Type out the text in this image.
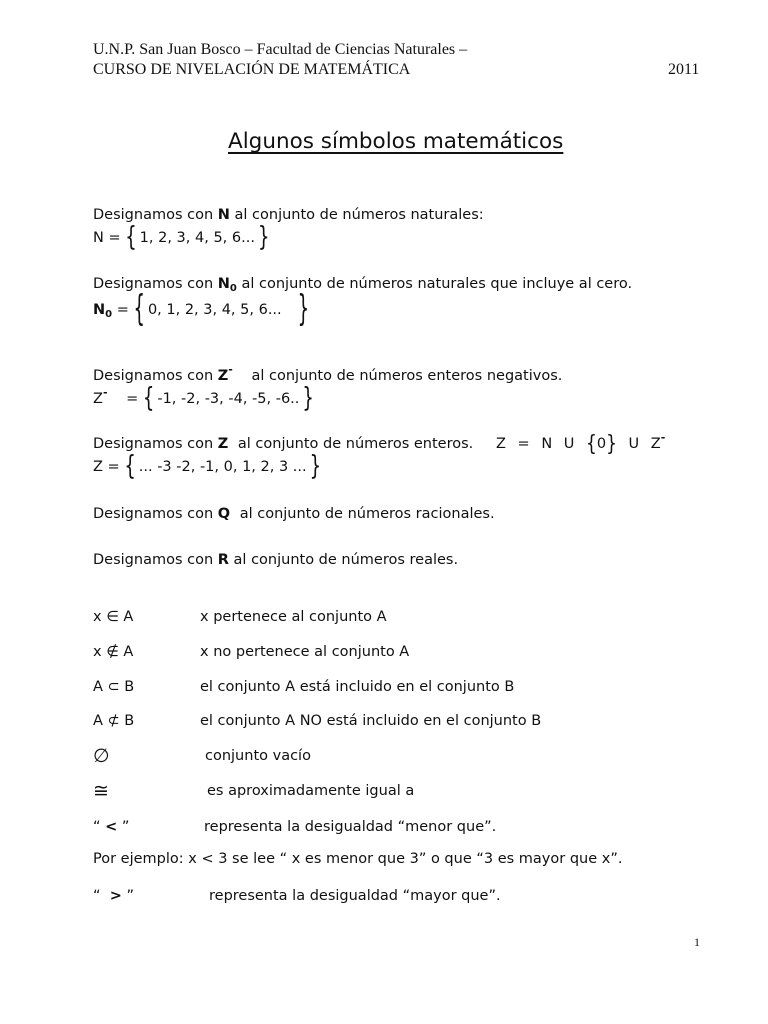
U.N.P. San Juan Bosco – Facultad de Ciencias Naturales –
CURSO DE NIVELACIÓN DE MATEMÁTICA	2011
Algunos símbolos matemáticos
Designamos con N al conjunto de números naturales:
N = { 1, 2, 3, 4, 5, 6... }
Designamos con $N_0$ al conjunto de números naturales que incluye al cero.
$N_0$ = { 0, 1, 2, 3, 4, 5, 6... }
Designamos con Z- al conjunto de números enteros negativos.
Z- = { -1, -2, -3, -4, -5, -6.. }
Designamos con Z al conjunto de números enteros. Z = N U {0} U Z-
Z = { ... -3 -2, -1, 0, 1, 2, 3 ... }
Designamos con Q al conjunto de números racionales.
Designamos con R al conjunto de números reales.
x ∈ A	x pertenece al conjunto A
x ∉ A	x no pertenece al conjunto A
A ⊂ B	el conjunto A está incluido en el conjunto B
A ⊄ B	el conjunto A NO está incluido en el conjunto B
∅	conjunto vacío
≅	es aproximadamente igual a
“ < ”	representa la desigualdad “menor que”.
Por ejemplo: x < 3 se lee “ x es menor que 3” o que “3 es mayor que x”.
“ > ”	representa la desigualdad “mayor que”.
1
